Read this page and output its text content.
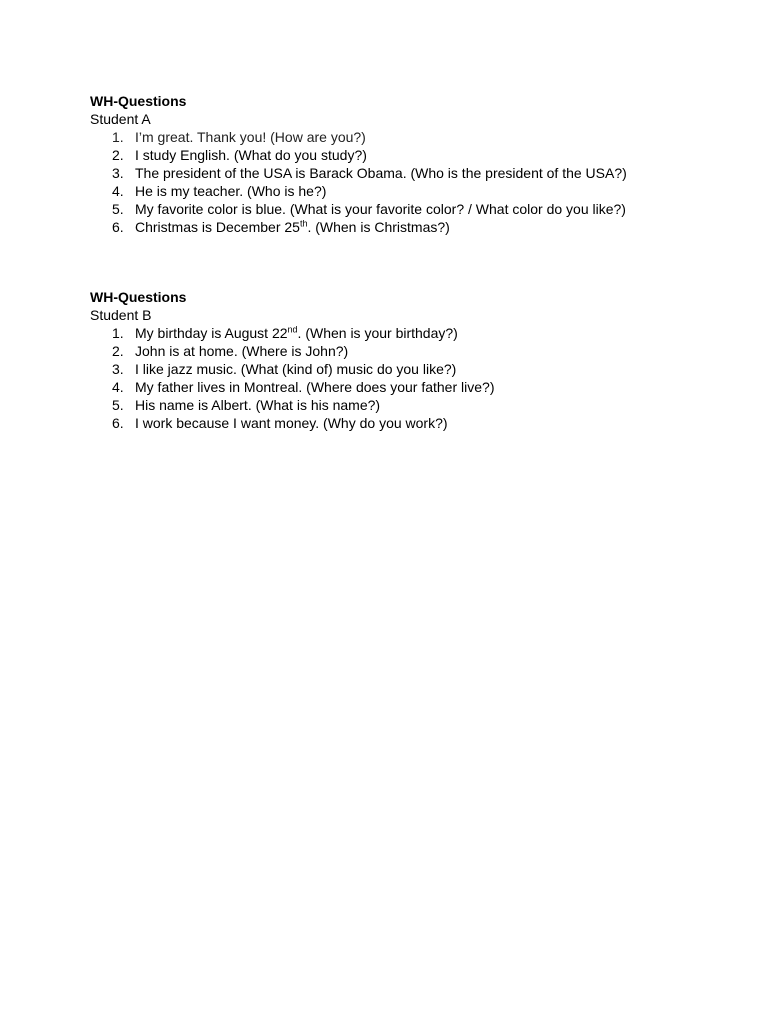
WH-Questions
Student A
1. I’m great. Thank you! (How are you?)
2. I study English. (What do you study?)
3. The president of the USA is Barack Obama. (Who is the president of the USA?)
4. He is my teacher. (Who is he?)
5. My favorite color is blue. (What is your favorite color? / What color do you like?)
6. Christmas is December 25th. (When is Christmas?)
WH-Questions
Student B
1. My birthday is August 22nd. (When is your birthday?)
2. John is at home. (Where is John?)
3. I like jazz music. (What (kind of) music do you like?)
4. My father lives in Montreal. (Where does your father live?)
5. His name is Albert. (What is his name?)
6. I work because I want money. (Why do you work?)
